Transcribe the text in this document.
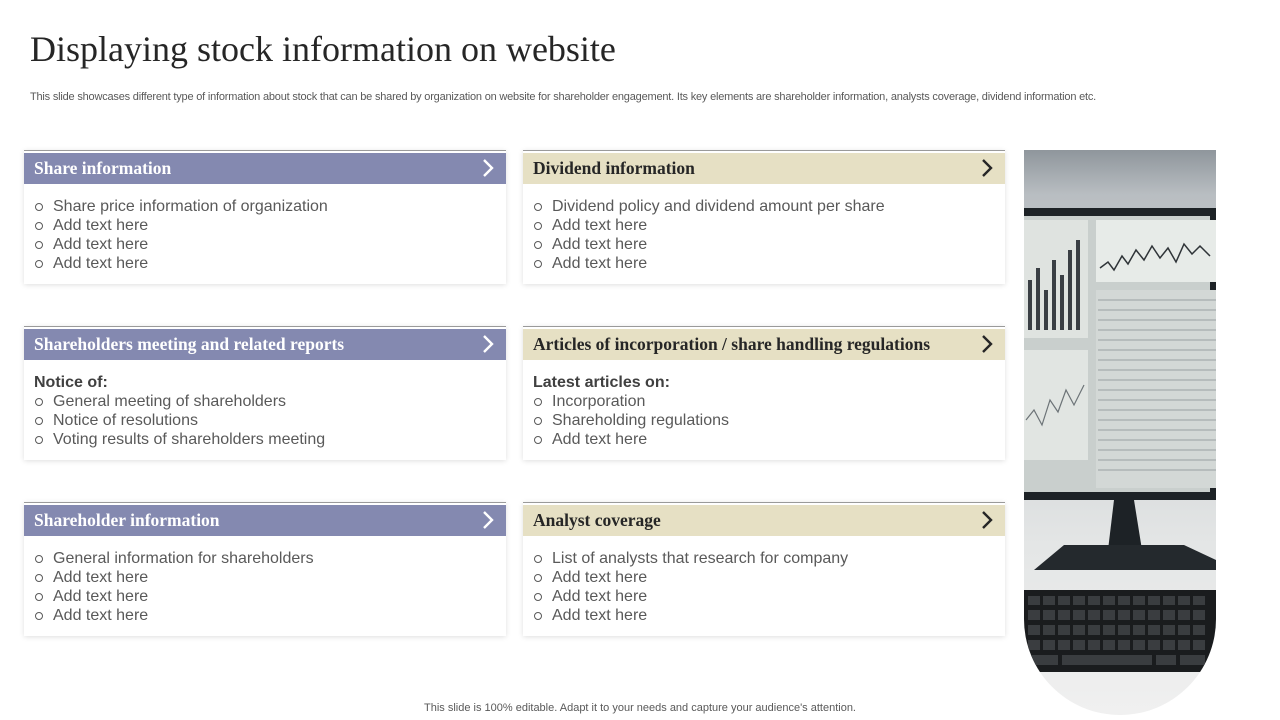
Displaying stock information on website
This slide showcases different type of information about stock that can be shared by organization on website for shareholder engagement. Its key elements are shareholder information, analysts coverage, dividend information etc.
Share information
Share price information of organization
Add text here
Add text here
Add text here
Dividend information
Dividend policy and dividend amount per share
Add text here
Add text here
Add text here
Shareholders meeting and related reports
Notice of:
General meeting of shareholders
Notice of resolutions
Voting results of shareholders meeting
Articles of incorporation / share handling regulations
Latest articles on:
Incorporation
Shareholding regulations
Add text here
Shareholder information
General information for shareholders
Add text here
Add text here
Add text here
Analyst coverage
List of analysts that research for company
Add text here
Add text here
Add text here
This slide is 100% editable. Adapt it to your needs and capture your audience's attention.
